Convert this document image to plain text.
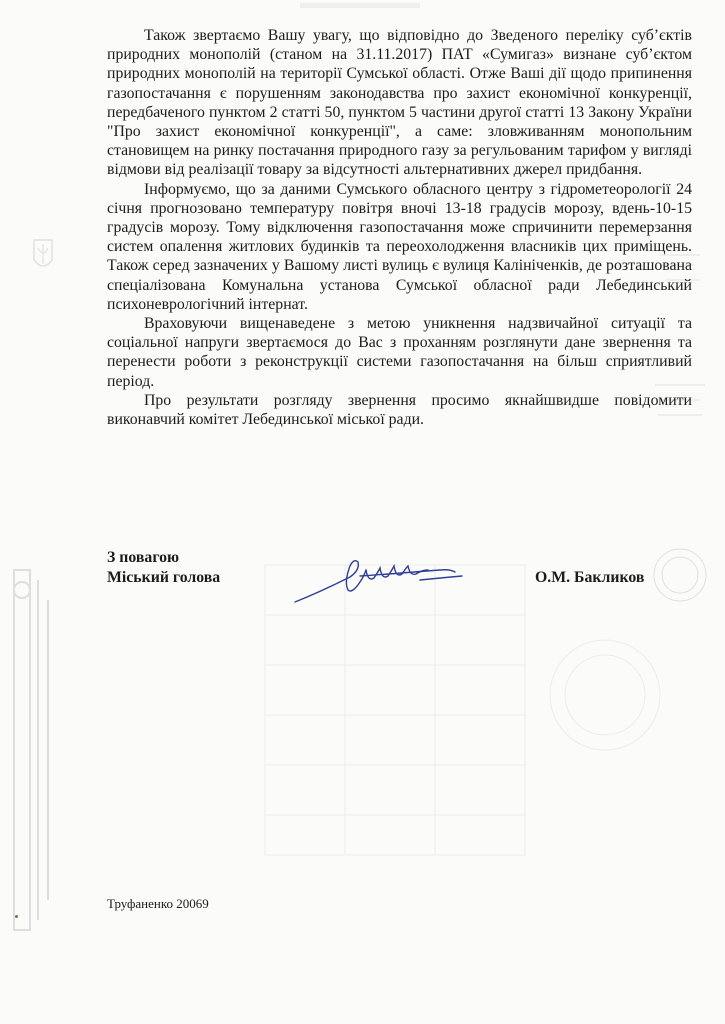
Також звертаємо Вашу увагу, що відповідно до Зведеного переліку суб’єктів природних монополій (станом на 31.11.2017) ПАТ «Сумигаз» визнане суб’єктом природних монополій на території Сумської області. Отже Ваші дії щодо припинення газопостачання є порушенням законодавства про захист економічної конкуренції, передбаченого пунктом 2 статті 50, пунктом 5 частини другої статті 13 Закону України "Про захист економічної конкуренції", а саме: зловживанням монопольним становищем на ринку постачання природного газу за регульованим тарифом у вигляді відмови від реалізації товару за відсутності альтернативних джерел придбання.

Інформуємо, що за даними Сумського обласного центру з гідрометеорології 24 січня прогнозовано температуру повітря вночі 13-18 градусів морозу, вдень-10-15 градусів морозу. Тому відключення газопостачання може спричинити перемерзання систем опалення житлових будинків та переохолодження власників цих приміщень. Також серед зазначених у Вашому листі вулиць є вулиця Калініченків, де розташована спеціалізована Комунальна установа Сумської обласної ради Лебединський психоневрологічний інтернат.

Враховуючи вищенаведене з метою уникнення надзвичайної ситуації та соціальної напруги звертаємося до Вас з проханням розглянути дане звернення та перенести роботи з реконструкції системи газопостачання на більш сприятливий період.

Про результати розгляду звернення просимо якнайшвидше повідомити виконавчий комітет Лебединської міської ради.

З повагою
Міський голова	О.М. Бакликов
Труфаненко 20069
